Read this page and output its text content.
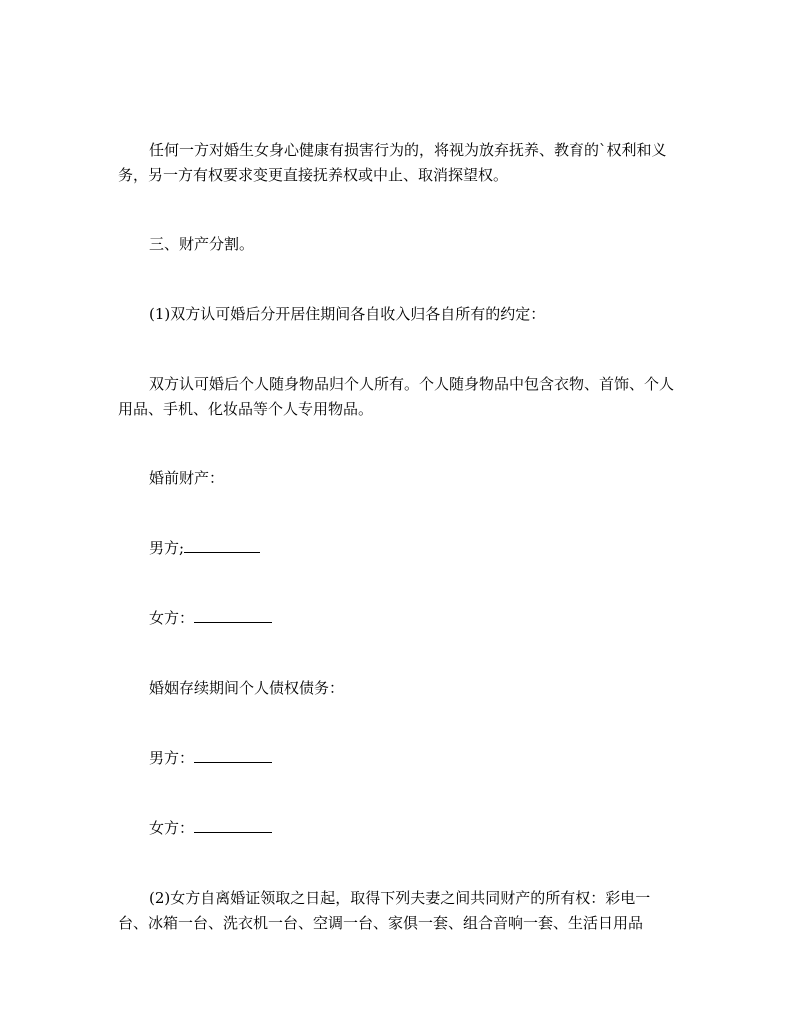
任何一方对婚生女身心健康有损害行为的，将视为放弃抚养、教育的`权利和义务，另一方有权要求变更直接抚养权或中止、取消探望权。

三、财产分割。

(1)双方认可婚后分开居住期间各自收入归各自所有的约定：

双方认可婚后个人随身物品归个人所有。个人随身物品中包含衣物、首饰、个人用品、手机、化妆品等个人专用物品。

婚前财产：

男方;

女方：

婚姻存续期间个人债权债务：

男方：

女方：

(2)女方自离婚证领取之日起，取得下列夫妻之间共同财产的所有权：彩电一台、冰箱一台、洗衣机一台、空调一台、家俱一套、组合音响一套、生活日用品
